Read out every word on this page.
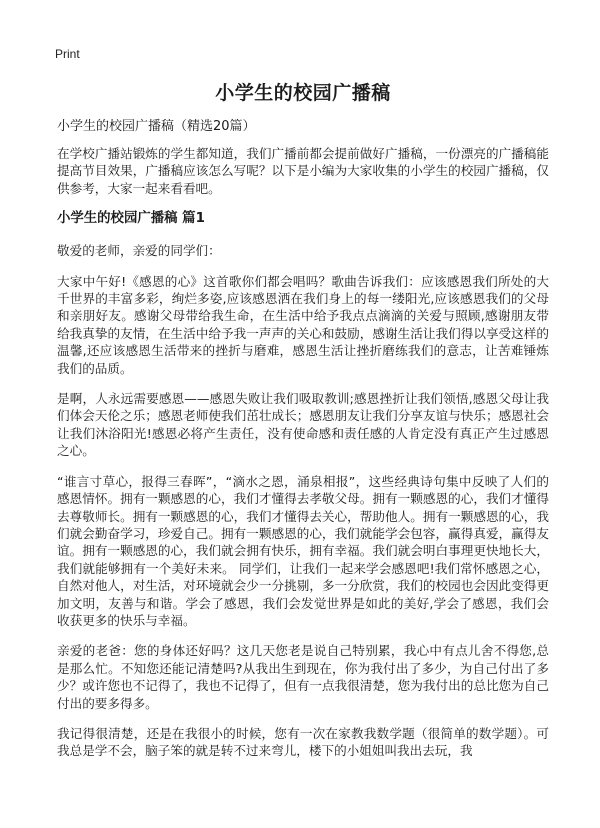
Print
小学生的校园广播稿
小学生的校园广播稿（精选20篇）

在学校广播站锻炼的学生都知道，我们广播前都会提前做好广播稿，一份漂亮的广播稿能提高节目效果，广播稿应该怎么写呢？以下是小编为大家收集的小学生的校园广播稿，仅供参考，大家一起来看看吧。

小学生的校园广播稿 篇1

敬爱的老师，亲爱的同学们：

大家中午好!《感恩的心》这首歌你们都会唱吗？歌曲告诉我们：应该感恩我们所处的大千世界的丰富多彩，绚烂多姿,应该感恩洒在我们身上的每一缕阳光,应该感恩我们的父母和亲朋好友。感谢父母带给我生命，在生活中给予我点点滴滴的关爱与照顾,感谢朋友带给我真挚的友情，在生活中给予我一声声的关心和鼓励，感谢生活让我们得以享受这样的温馨,还应该感恩生活带来的挫折与磨难，感恩生活让挫折磨练我们的意志，让苦难锤炼我们的品质。

是啊，人永远需要感恩——感恩失败让我们吸取教训;感恩挫折让我们领悟,感恩父母让我们体会天伦之乐；感恩老师使我们茁壮成长；感恩朋友让我们分享友谊与快乐；感恩社会让我们沐浴阳光!感恩必将产生责任，没有使命感和责任感的人肯定没有真正产生过感恩之心。

“谁言寸草心，报得三春晖”，“滴水之恩，涌泉相报”，这些经典诗句集中反映了人们的感恩情怀。拥有一颗感恩的心，我们才懂得去孝敬父母。拥有一颗感恩的心，我们才懂得去尊敬师长。拥有一颗感恩的心，我们才懂得去关心，帮助他人。拥有一颗感恩的心，我们就会勤奋学习，珍爱自己。拥有一颗感恩的心，我们就能学会包容，赢得真爱，赢得友谊。拥有一颗感恩的心，我们就会拥有快乐，拥有幸福。我们就会明白事理更快地长大，我们就能够拥有一个美好未来。 同学们，让我们一起来学会感恩吧!我们常怀感恩之心，自然对他人，对生活，对环境就会少一分挑剔，多一分欣赏，我们的校园也会因此变得更加文明，友善与和谐。学会了感恩，我们会发觉世界是如此的美好,学会了感恩，我们会收获更多的快乐与幸福。

亲爱的老爸：您的身体还好吗？这几天您老是说自己特别累，我心中有点儿舍不得您,总是那么忙。不知您还能记清楚吗?从我出生到现在，你为我付出了多少，为自己付出了多少？或许您也不记得了，我也不记得了，但有一点我很清楚，您为我付出的总比您为自己付出的要多得多。

我记得很清楚，还是在我很小的时候，您有一次在家教我数学题（很简单的数学题）。可我总是学不会，脑子笨的就是转不过来弯儿，楼下的小姐姐叫我出去玩，我
